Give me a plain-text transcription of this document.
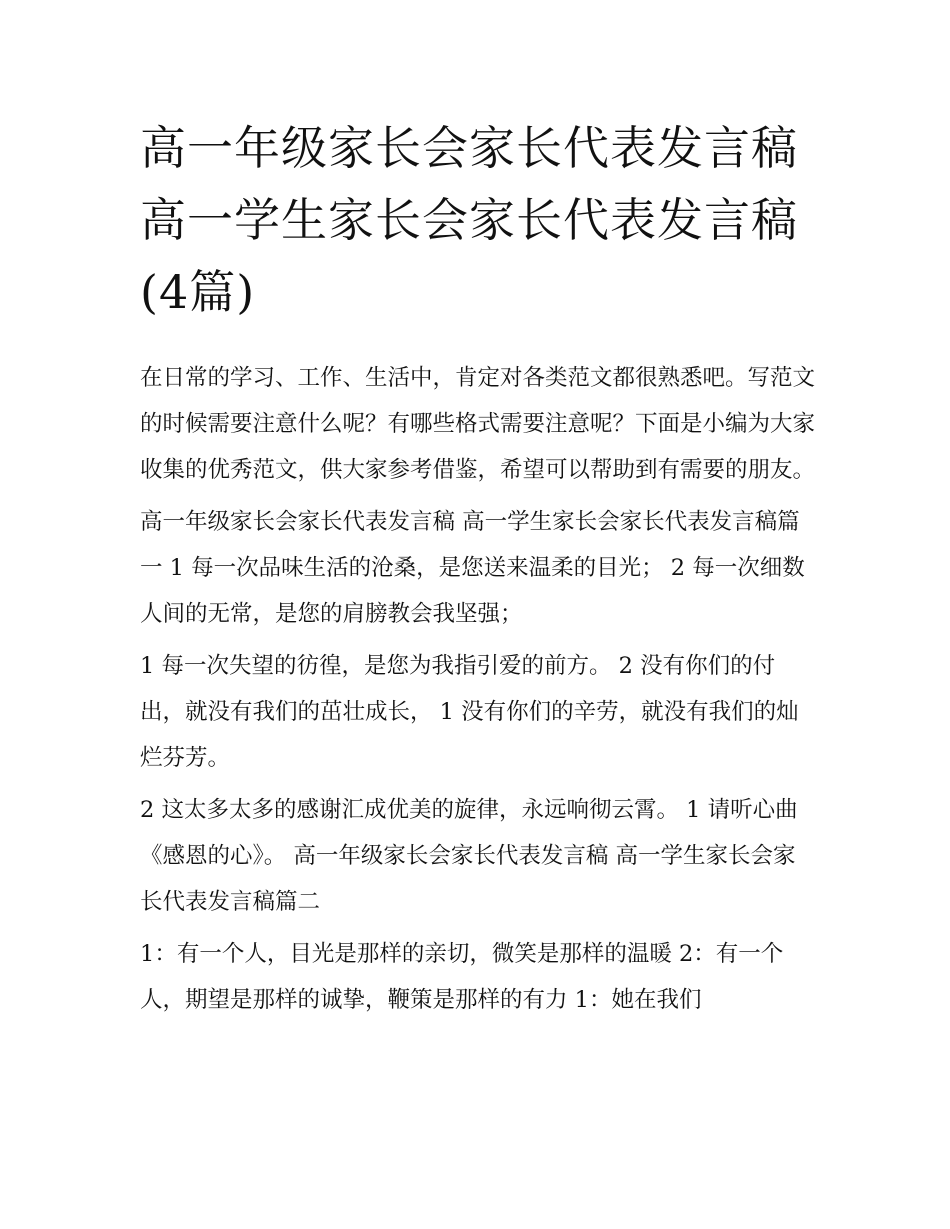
高一年级家长会家长代表发言稿 高一学生家长会家长代表发言稿(4篇)

在日常的学习、工作、生活中，肯定对各类范文都很熟悉吧。写范文的时候需要注意什么呢？有哪些格式需要注意呢？下面是小编为大家收集的优秀范文，供大家参考借鉴，希望可以帮助到有需要的朋友。

高一年级家长会家长代表发言稿 高一学生家长会家长代表发言稿篇一 1 每一次品味生活的沧桑，是您送来温柔的目光； 2 每一次细数人间的无常，是您的肩膀教会我坚强；

1 每一次失望的彷徨，是您为我指引爱的前方。 2 没有你们的付出，就没有我们的茁壮成长， 1 没有你们的辛劳，就没有我们的灿烂芬芳。

2 这太多太多的感谢汇成优美的旋律，永远响彻云霄。 1 请听心曲《感恩的心》。 高一年级家长会家长代表发言稿 高一学生家长会家长代表发言稿篇二

1：有一个人，目光是那样的亲切，微笑是那样的温暖 2：有一个人，期望是那样的诚挚，鞭策是那样的有力 1：她在我们
